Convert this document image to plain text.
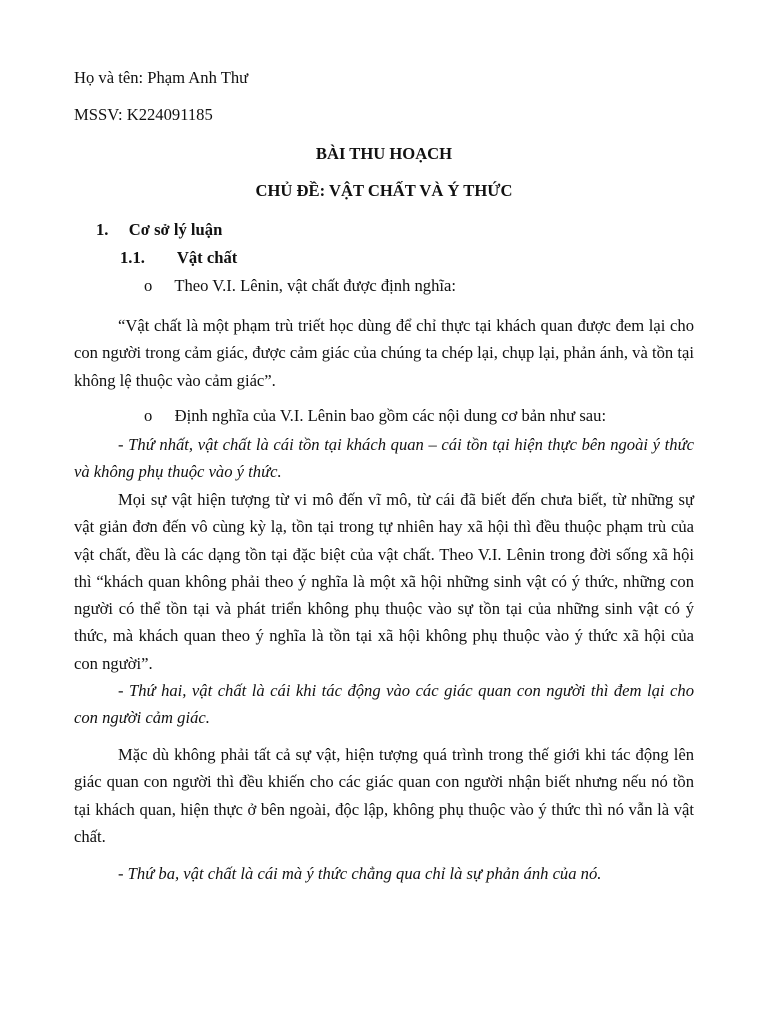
Họ và tên: Phạm Anh Thư

MSSV: K224091185

BÀI THU HOẠCH

CHỦ ĐỀ: VẬT CHẤT VÀ Ý THỨC

1. Cơ sở lý luận
1.1. Vật chất
o Theo V.I. Lênin, vật chất được định nghĩa:

“Vật chất là một phạm trù triết học dùng để chỉ thực tại khách quan được đem lại cho con người trong cảm giác, được cảm giác của chúng ta chép lại, chụp lại, phản ánh, và tồn tại không lệ thuộc vào cảm giác”.

o Định nghĩa của V.I. Lênin bao gồm các nội dung cơ bản như sau:

- Thứ nhất, vật chất là cái tồn tại khách quan – cái tồn tại hiện thực bên ngoài ý thức và không phụ thuộc vào ý thức.

Mọi sự vật hiện tượng từ vi mô đến vĩ mô, từ cái đã biết đến chưa biết, từ những sự vật giản đơn đến vô cùng kỳ lạ, tồn tại trong tự nhiên hay xã hội thì đều thuộc phạm trù của vật chất, đều là các dạng tồn tại đặc biệt của vật chất. Theo V.I. Lênin trong đời sống xã hội thì “khách quan không phải theo ý nghĩa là một xã hội những sinh vật có ý thức, những con người có thể tồn tại và phát triển không phụ thuộc vào sự tồn tại của những sinh vật có ý thức, mà khách quan theo ý nghĩa là tồn tại xã hội không phụ thuộc vào ý thức xã hội của con người”.

- Thứ hai, vật chất là cái khi tác động vào các giác quan con người thì đem lại cho con người cảm giác.

Mặc dù không phải tất cả sự vật, hiện tượng quá trình trong thế giới khi tác động lên giác quan con người thì đều khiến cho các giác quan con người nhận biết nhưng nếu nó tồn tại khách quan, hiện thực ở bên ngoài, độc lập, không phụ thuộc vào ý thức thì nó vẫn là vật chất.

- Thứ ba, vật chất là cái mà ý thức chẳng qua chỉ là sự phản ánh của nó.
